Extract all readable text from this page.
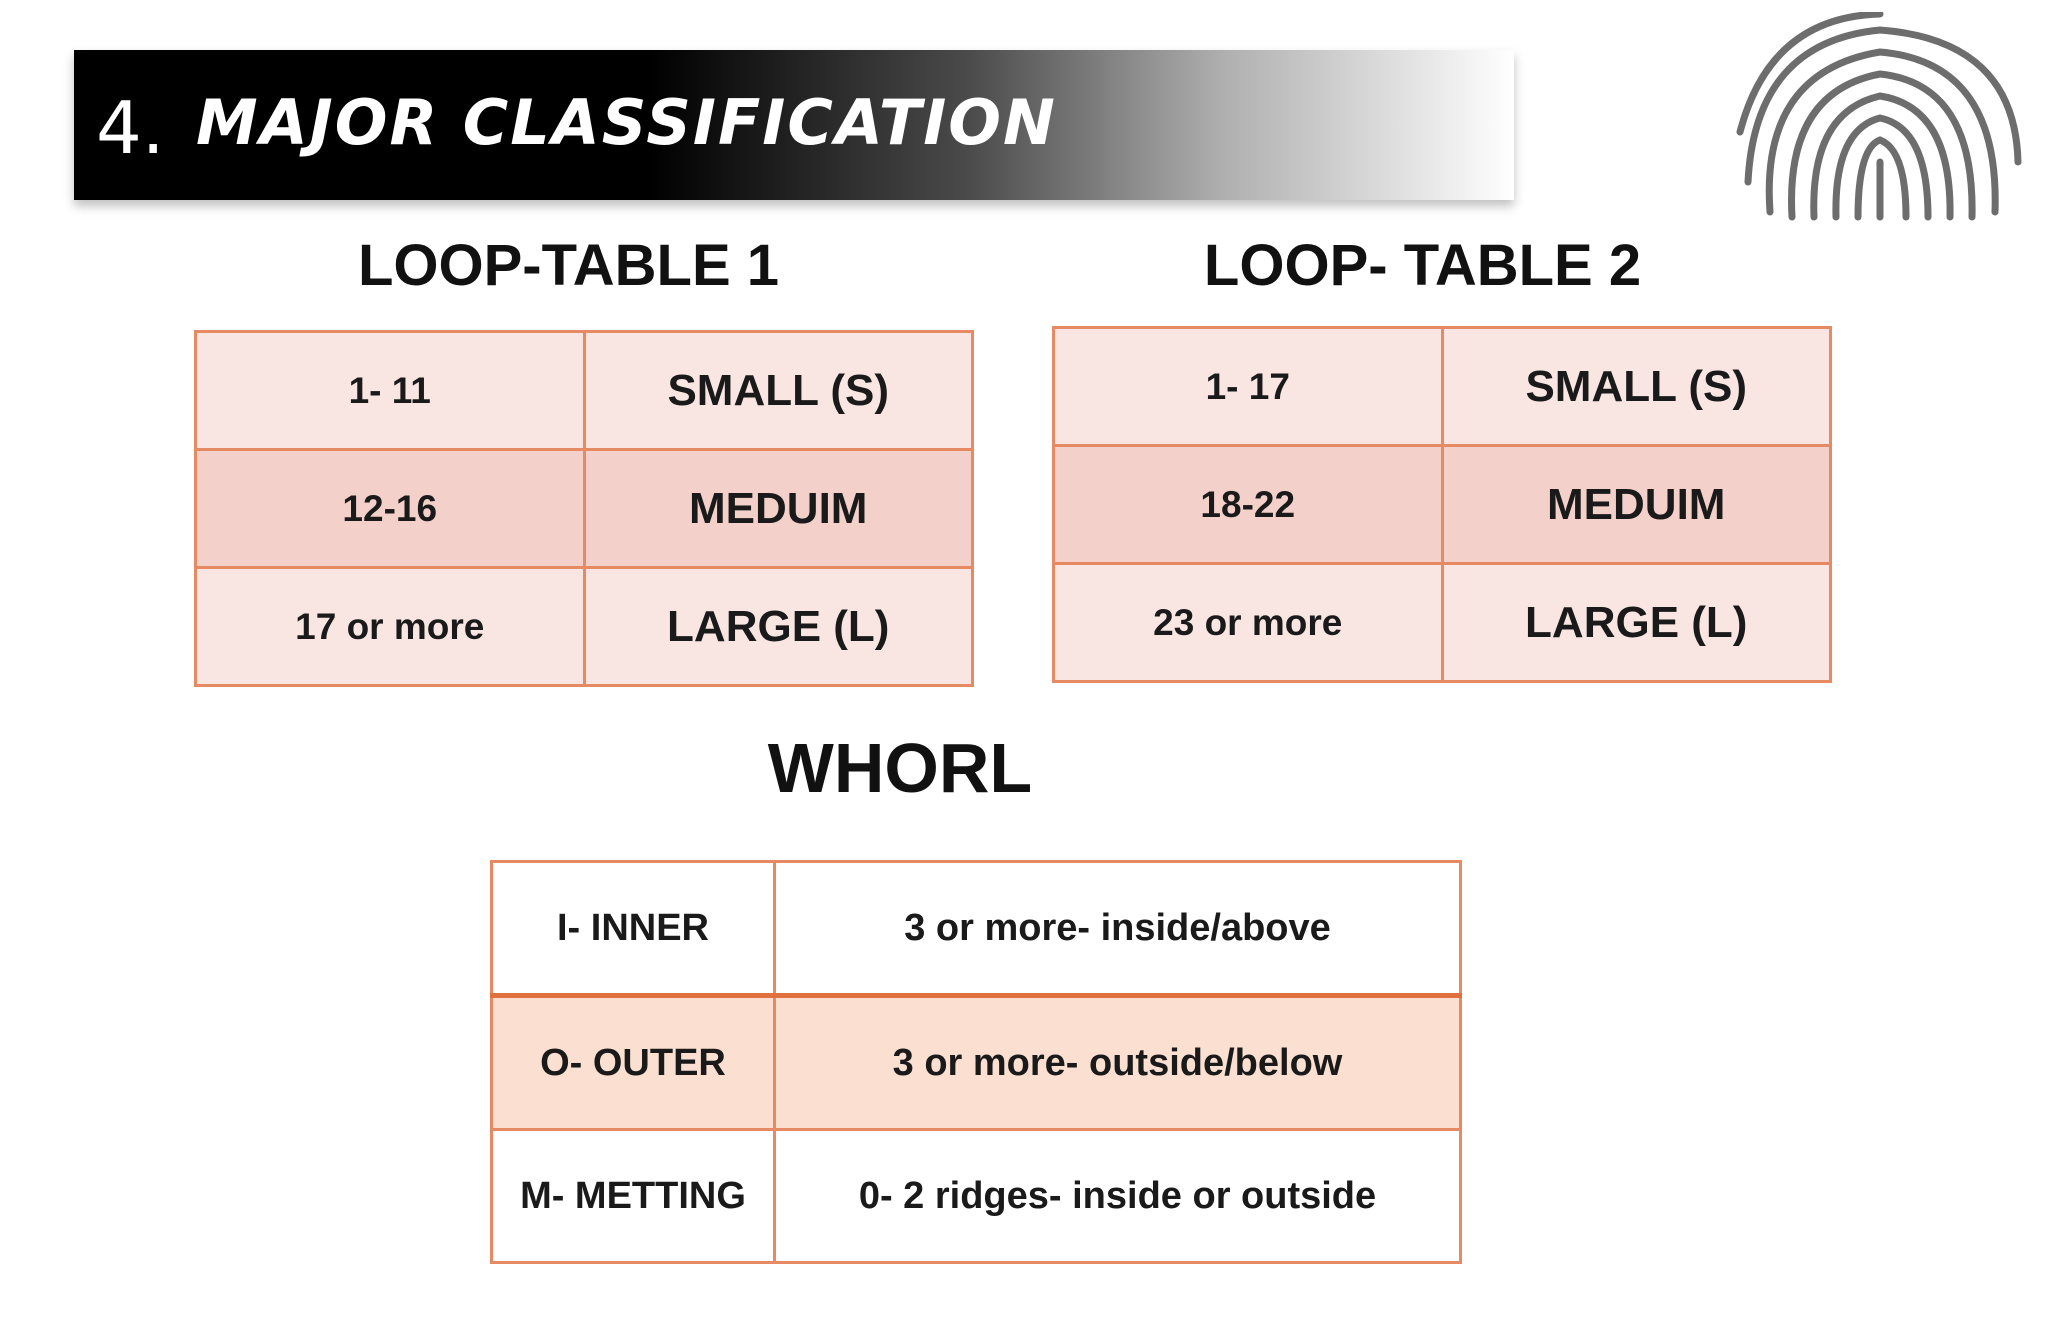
4. MAJOR CLASSIFICATION
LOOP-TABLE 1	LOOP- TABLE 2
1- 11	SMALL (S)
12-16	MEDUIM
17 or more	LARGE (L)
1- 17	SMALL (S)
18-22	MEDUIM
23 or more	LARGE (L)
WHORL
I- INNER	3 or more- inside/above
O- OUTER	3 or more- outside/below
M- METTING	0- 2 ridges- inside or outside
